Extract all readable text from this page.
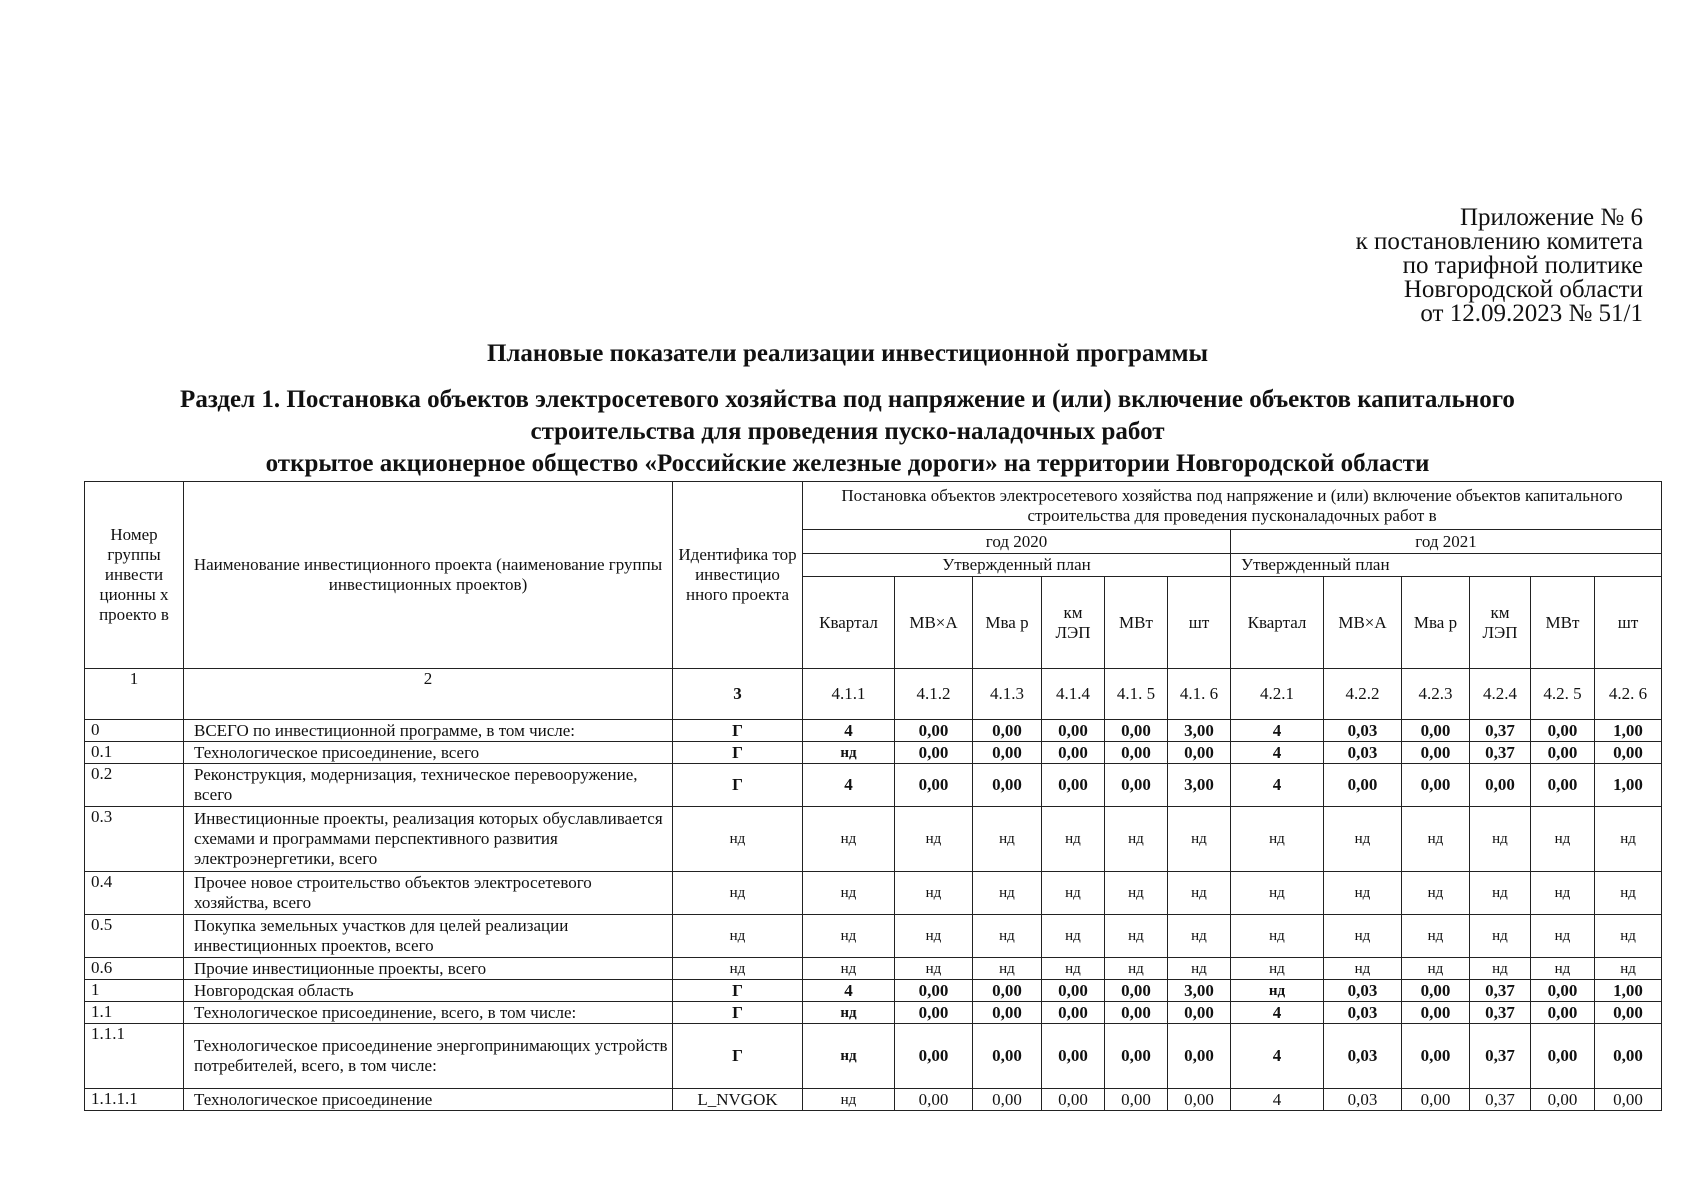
Приложение № 6
к постановлению комитета
по тарифной политике
Новгородской области
от 12.09.2023 № 51/1
Плановые показатели реализации инвестиционной программы
Раздел 1. Постановка объектов электросетевого хозяйства под напряжение и (или) включение объектов капитального
строительства для проведения пуско-наладочных работ
открытое акционерное общество «Российские железные дороги» на территории Новгородской области
Номер группы инвести ционны х проекто в	Наименование инвестиционного проекта (наименование группы инвестиционных проектов)	Идентифика тор инвестицио нного проекта	Постановка объектов электросетевого хозяйства под напряжение и (или) включение объектов капитального строительства для проведения пусконаладочных работ в											
			год 2020						год 2021					
			Утвержденный план						Утвержденный план					
			Квартал	МВ×А	Мва р	км ЛЭП	МВт	шт	Квартал	МВ×А	Мва р	км ЛЭП	МВт	шт
1	2	3	4.1.1	4.1.2	4.1.3	4.1.4	4.1. 5	4.1. 6	4.2.1	4.2.2	4.2.3	4.2.4	4.2. 5	4.2. 6
0	ВСЕГО по инвестиционной программе, в том числе:	Г	4	0,00	0,00	0,00	0,00	3,00	4	0,03	0,00	0,37	0,00	1,00
0.1	Технологическое присоединение, всего	Г	нд	0,00	0,00	0,00	0,00	0,00	4	0,03	0,00	0,37	0,00	0,00
0.2	Реконструкция, модернизация, техническое перевооружение, всего	Г	4	0,00	0,00	0,00	0,00	3,00	4	0,00	0,00	0,00	0,00	1,00
0.3	Инвестиционные проекты, реализация которых обуславливается схемами и программами перспективного развития электроэнергетики, всего	нд	нд	нд	нд	нд	нд	нд	нд	нд	нд	нд	нд	нд
0.4	Прочее новое строительство объектов электросетевого хозяйства, всего	нд	нд	нд	нд	нд	нд	нд	нд	нд	нд	нд	нд	нд
0.5	Покупка земельных участков для целей реализации инвестиционных проектов, всего	нд	нд	нд	нд	нд	нд	нд	нд	нд	нд	нд	нд	нд
0.6	Прочие инвестиционные проекты, всего	нд	нд	нд	нд	нд	нд	нд	нд	нд	нд	нд	нд	нд
1	Новгородская область	Г	4	0,00	0,00	0,00	0,00	3,00	нд	0,03	0,00	0,37	0,00	1,00
1.1	Технологическое присоединение, всего, в том числе:	Г	нд	0,00	0,00	0,00	0,00	0,00	4	0,03	0,00	0,37	0,00	0,00
1.1.1	Технологическое присоединение энергопринимающих устройств потребителей, всего, в том числе:	Г	нд	0,00	0,00	0,00	0,00	0,00	4	0,03	0,00	0,37	0,00	0,00
1.1.1.1	Технологическое присоединение	L_NVGOK	нд	0,00	0,00	0,00	0,00	0,00	4	0,03	0,00	0,37	0,00	0,00
